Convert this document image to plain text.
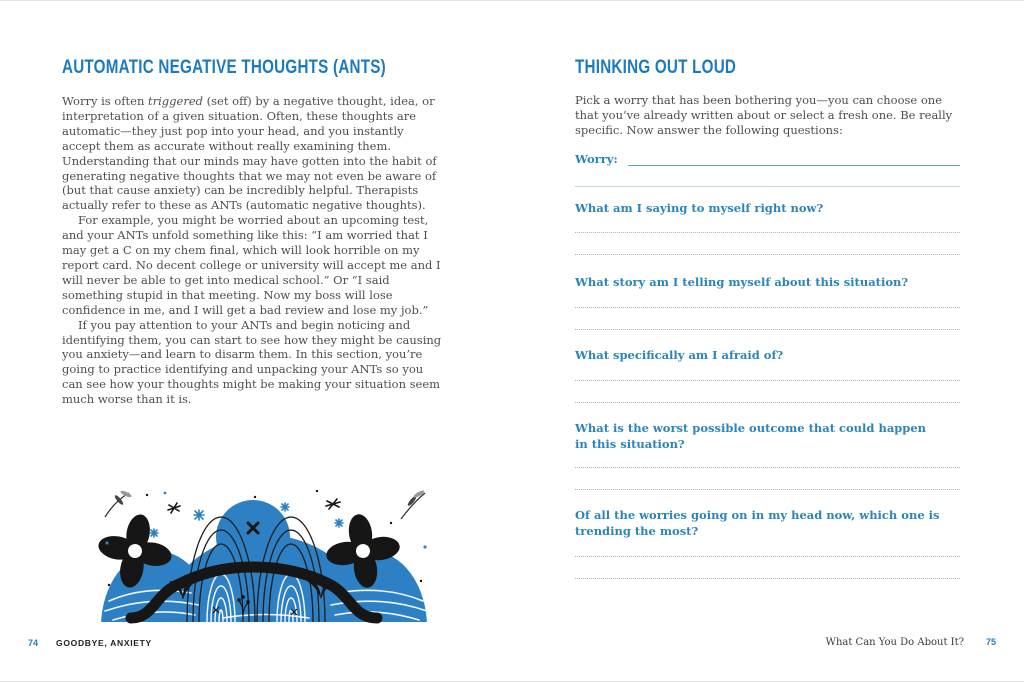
AUTOMATIC NEGATIVE THOUGHTS (ANTS)

Worry is often triggered (set off) by a negative thought, idea, or interpretation of a given situation. Often, these thoughts are automatic—they just pop into your head, and you instantly accept them as accurate without really examining them. Understanding that our minds may have gotten into the habit of generating negative thoughts that we may not even be aware of (but that cause anxiety) can be incredibly helpful. Therapists actually refer to these as ANTs (automatic negative thoughts).

For example, you might be worried about an upcoming test, and your ANTs unfold something like this: “I am worried that I may get a C on my chem final, which will look horrible on my report card. No decent college or university will accept me and I will never be able to get into medical school.” Or “I said something stupid in that meeting. Now my boss will lose confidence in me, and I will get a bad review and lose my job.”

If you pay attention to your ANTs and begin noticing and identifying them, you can start to see how they might be causing you anxiety—and learn to disarm them. In this section, you’re going to practice identifying and unpacking your ANTs so you can see how your thoughts might be making your situation seem much worse than it is.

74 GOODBYE, ANXIETY
THINKING OUT LOUD

Pick a worry that has been bothering you—you can choose one that you’ve already written about or select a fresh one. Be really specific. Now answer the following questions:

Worry:
What am I saying to myself right now?
What story am I telling myself about this situation?
What specifically am I afraid of?
What is the worst possible outcome that could happen
in this situation?
Of all the worries going on in my head now, which one is
trending the most?
What Can You Do About It? 75
